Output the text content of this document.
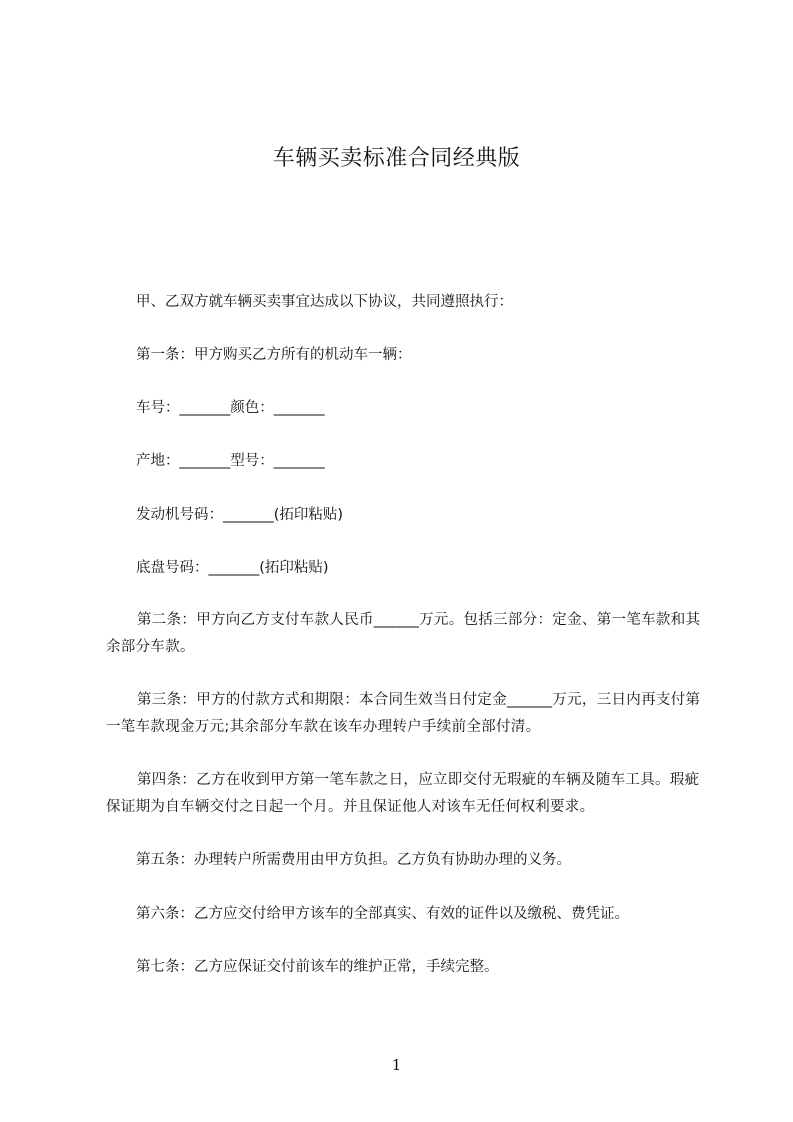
车辆买卖标准合同经典版

甲、乙双方就车辆买卖事宜达成以下协议，共同遵照执行：

第一条：甲方购买乙方所有的机动车一辆：

车号：_______颜色：_______

产地：_______型号：_______

发动机号码：_______(拓印粘贴)

底盘号码：_______(拓印粘贴)

第二条：甲方向乙方支付车款人民币______万元。包括三部分：定金、第一笔车款和其余部分车款。

第三条：甲方的付款方式和期限：本合同生效当日付定金______万元，三日内再支付第一笔车款现金万元;其余部分车款在该车办理转户手续前全部付清。

第四条：乙方在收到甲方第一笔车款之日，应立即交付无瑕疵的车辆及随车工具。瑕疵保证期为自车辆交付之日起一个月。并且保证他人对该车无任何权利要求。

第五条：办理转户所需费用由甲方负担。乙方负有协助办理的义务。

第六条：乙方应交付给甲方该车的全部真实、有效的证件以及缴税、费凭证。

第七条：乙方应保证交付前该车的维护正常，手续完整。

1
